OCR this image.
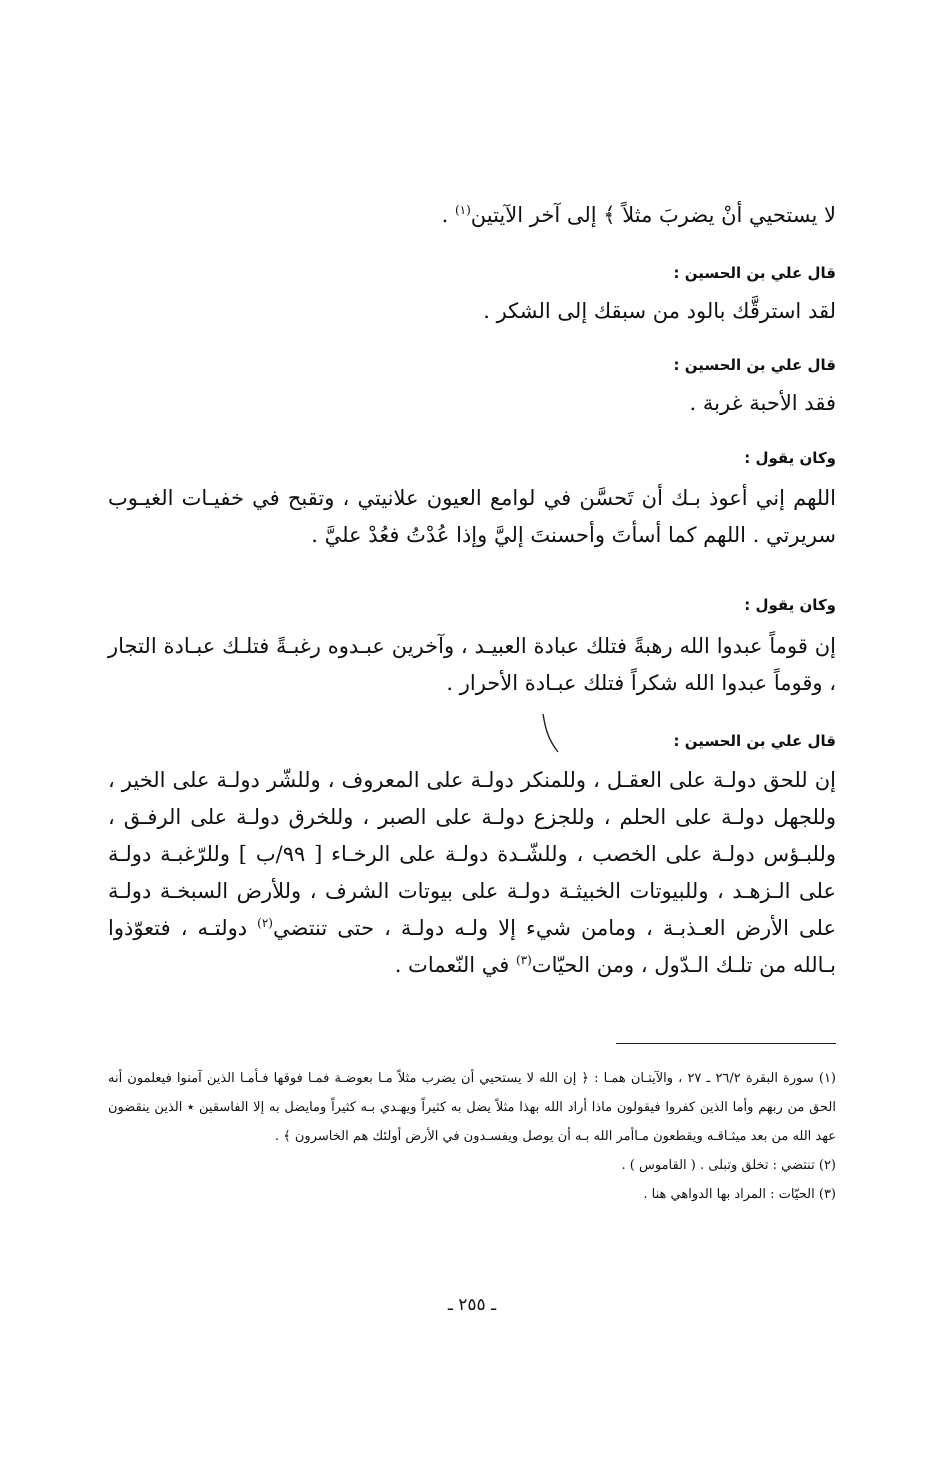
لا يستحيي أنْ يضربَ مثلاً ﴾ إلى آخر الآيتين$^{(١)}$ .
قال علي بن الحسين :
لقد استرقَّك بالود من سبقك إلى الشكر .
قال علي بن الحسين :
فقد الأحبة غربة .
وكان يقول :
اللهم إني أعوذ بـك أن تَحسَّن في لوامع العيون علانيتي ، وتقبح في خفيـات الغيـوب سريرتي . اللهم كما أسأتَ وأحسنتَ إليَّ وإذا عُدْتُ فعُدْ عليَّ .
وكان يقول :
إن قوماً عبدوا الله رهبةً فتلك عبادة العبيـد ، وآخرين عبـدوه رغبـةً فتلـك عبـادة التجار ، وقوماً عبدوا الله شكراً فتلك عبـادة الأحرار .
قال علي بن الحسين :
إن للحق دولـة على العقـل ، وللمنكر دولـة على المعروف ، وللشّر دولـة على الخير ، وللجهل دولـة على الحلم ، وللجزع دولـة على الصبر ، وللخرق دولـة على الرفـق ، وللبـؤس دولـة على الخصب ، وللشّـدة دولـة على الرخـاء [ ٩٩/ب ] وللرّغبـة دولـة على الـزهـد ، وللبيوتات الخبيثـة دولـة على بيوتات الشرف ، وللأرض السبخـة دولـة على الأرض العـذبـة ، ومامن شيء إلا ولـه دولـة ، حتى تنتضي$^{(٢)}$ دولتـه ، فتعوّذوا بـالله من تلـك الـدّول ، ومن الحيّات$^{(٣)}$ في النّعمات .

(١) سورة البقرة ٢٦/٢ ـ ٢٧ ، والآيتـان همـا : ﴿ إن الله لا يستحيي أن يضرب مثلاً مـا بعوضـة فمـا فوقها فـأمـا الذين آمنوا فيعلمون أنه الحق من ربهم وأما الذين كفروا فيقولون ماذا أراد الله بهذا مثلاً يضل به كثيراً ويهـدي بـه كثيراً ومايضل به إلا الفاسقين ٭ الذين ينقضون عهد الله من بعد ميثـاقـه ويقطعون مـاأمر الله بـه أن يوصل ويفسـدون في الأرض أولئك هم الخاسرون ﴾ .

(٢) تنتضي : تخلق وتبلى . ( القاموس ) .

(٣) الحيّات : المراد بها الدواهي هنا .

ـ ٢٥٥ ـ
